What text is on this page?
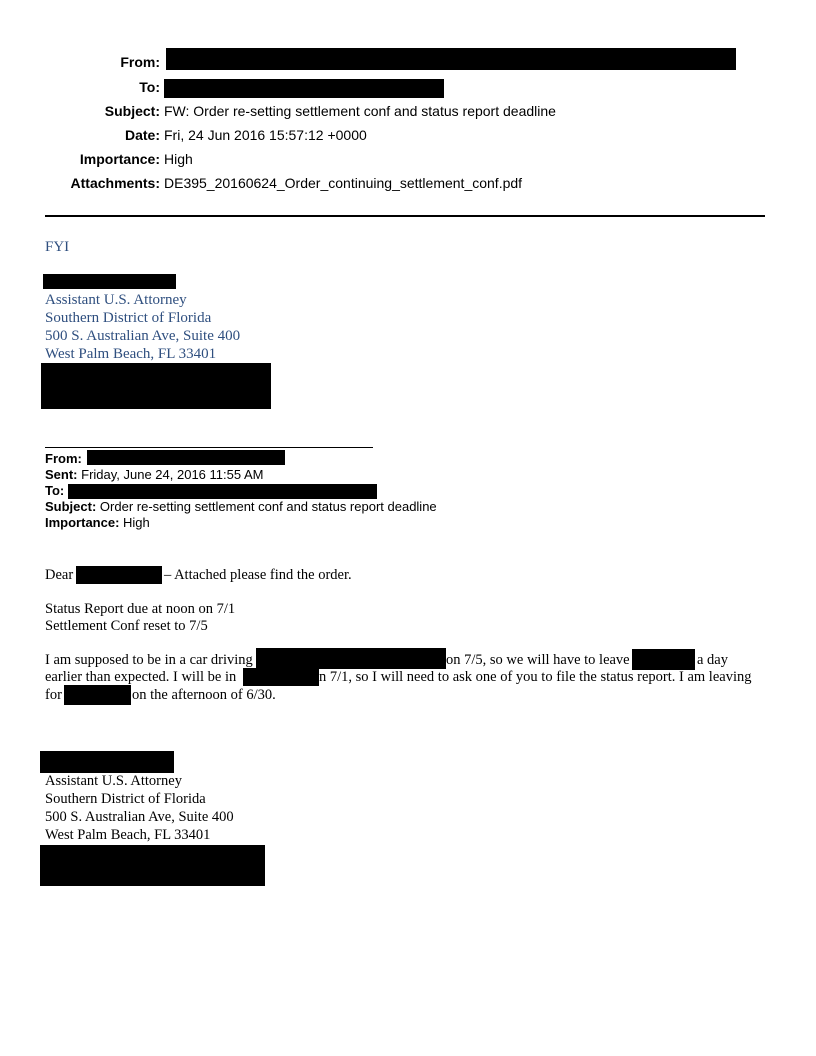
From:
To:
Subject: FW: Order re-setting settlement conf and status report deadline
Date: Fri, 24 Jun 2016 15:57:12 +0000
Importance: High
Attachments: DE395_20160624_Order_continuing_settlement_conf.pdf
FYI
Assistant U.S. Attorney
Southern District of Florida
500 S. Australian Ave, Suite 400
West Palm Beach, FL 33401
From:
Sent: Friday, June 24, 2016 11:55 AM
To:
Subject: Order re-setting settlement conf and status report deadline
Importance: High
Dear	– Attached please find the order.
Status Report due at noon on 7/1
Settlement Conf reset to 7/5
I am supposed to be in a car driving	on 7/5, so we will have to leave	a day
earlier than expected. I will be in	n 7/1, so I will need to ask one of you to file the status report. I am leaving
for	on the afternoon of 6/30.
Assistant U.S. Attorney
Southern District of Florida
500 S. Australian Ave, Suite 400
West Palm Beach, FL 33401
